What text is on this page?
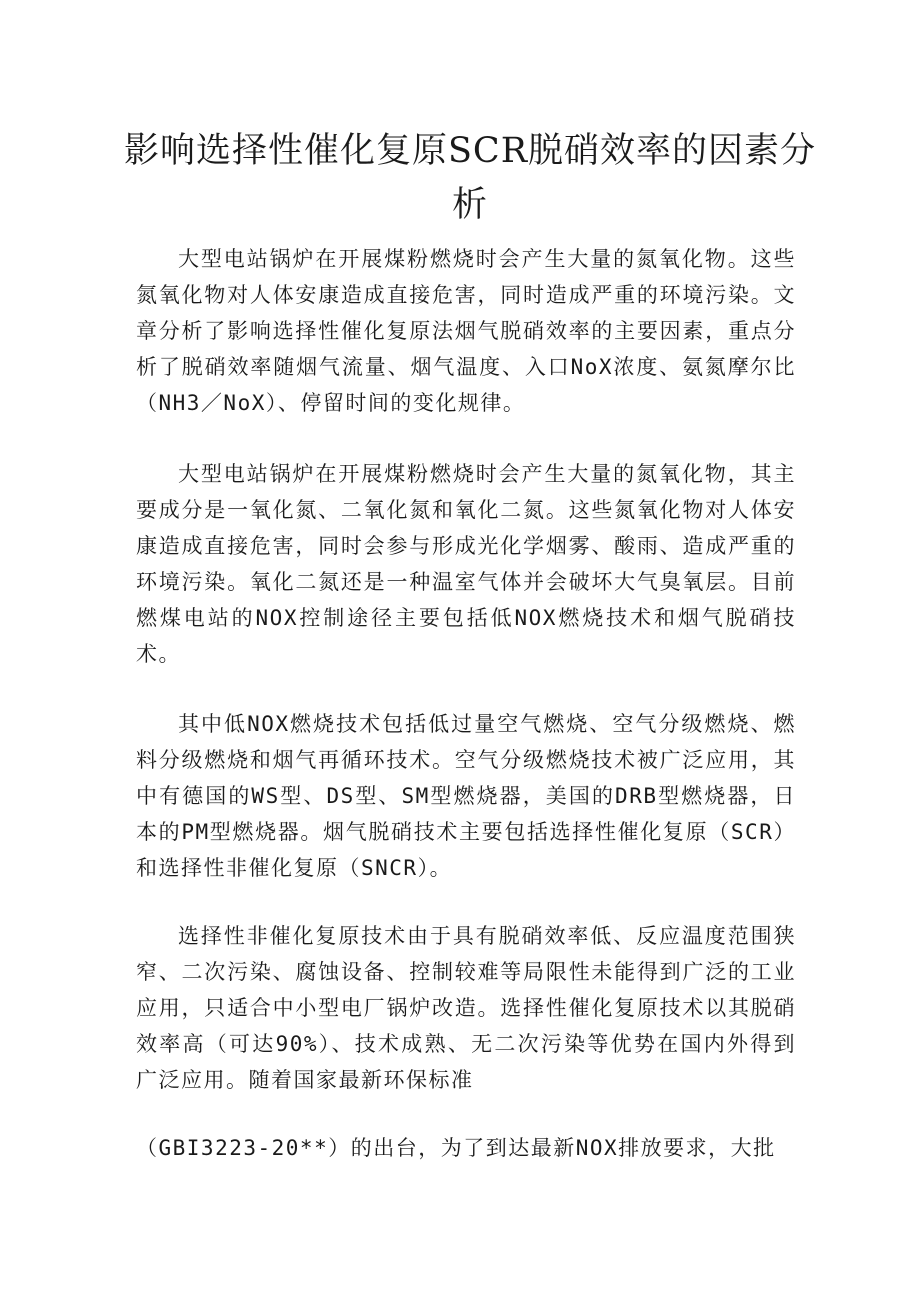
影响选择性催化复原SCR脱硝效率的因素分析

大型电站锅炉在开展煤粉燃烧时会产生大量的氮氧化物。这些氮氧化物对人体安康造成直接危害，同时造成严重的环境污染。文章分析了影响选择性催化复原法烟气脱硝效率的主要因素，重点分析了脱硝效率随烟气流量、烟气温度、入口NoX浓度、氨氮摩尔比（NH3／NoX）、停留时间的变化规律。

大型电站锅炉在开展煤粉燃烧时会产生大量的氮氧化物，其主要成分是一氧化氮、二氧化氮和氧化二氮。这些氮氧化物对人体安康造成直接危害，同时会参与形成光化学烟雾、酸雨、造成严重的环境污染。氧化二氮还是一种温室气体并会破坏大气臭氧层。目前燃煤电站的NOX控制途径主要包括低NOX燃烧技术和烟气脱硝技术。

其中低NOX燃烧技术包括低过量空气燃烧、空气分级燃烧、燃料分级燃烧和烟气再循环技术。空气分级燃烧技术被广泛应用，其中有德国的WS型、DS型、SM型燃烧器，美国的DRB型燃烧器，日本的PM型燃烧器。烟气脱硝技术主要包括选择性催化复原（SCR）和选择性非催化复原（SNCR）。

选择性非催化复原技术由于具有脱硝效率低、反应温度范围狭窄、二次污染、腐蚀设备、控制较难等局限性未能得到广泛的工业应用，只适合中小型电厂锅炉改造。选择性催化复原技术以其脱硝效率高（可达90%）、技术成熟、无二次污染等优势在国内外得到广泛应用。随着国家最新环保标准

（GBI3223-20**）的出台，为了到达最新NOX排放要求，大批
